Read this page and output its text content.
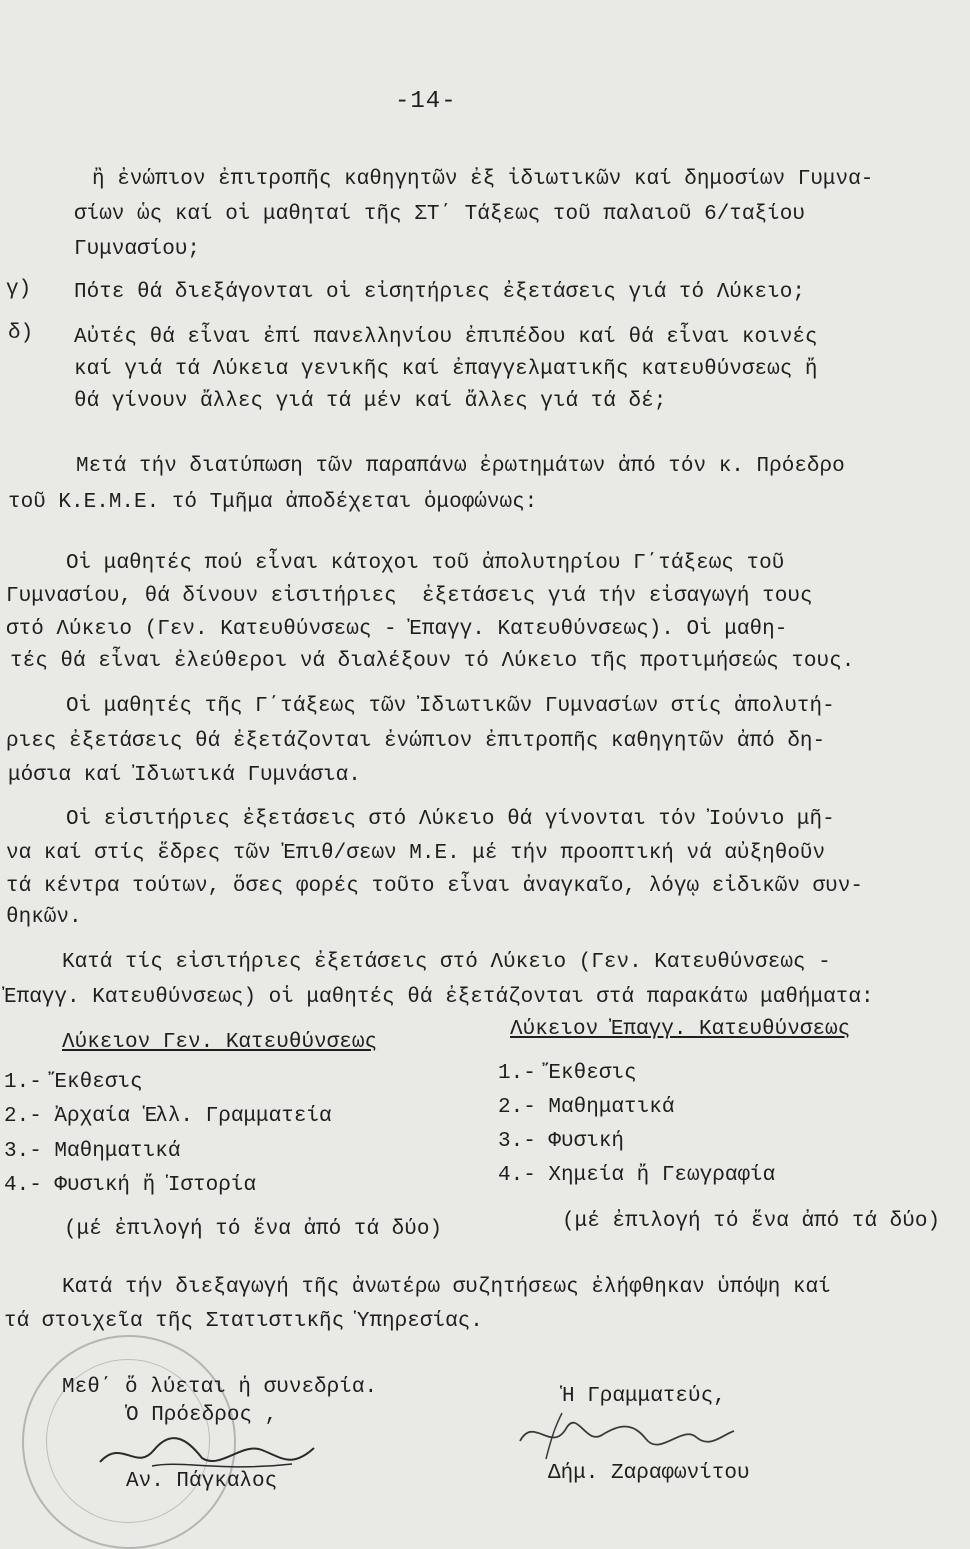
-14-
ἢ ἐνώπιον ἐπιτροπῆς καθηγητῶν ἐξ ἰδιωτικῶν καί δημοσίων Γυμνα-
σίων ὡς καί οἱ μαθηταί τῆς ΣΤ΄ Τάξεως τοῦ παλαιοῦ 6/ταξίου
Γυμνασίου;
γ) Πότε θά διεξάγονται οἱ εἰσητήριες ἐξετάσεις γιά τό Λύκειο;
δ) Αὐτές θά εἶναι ἐπί πανελληνίου ἐπιπέδου καί θά εἶναι κοινές
καί γιά τά Λύκεια γενικῆς καί ἐπαγγελματικῆς κατευθύνσεως ἤ
θά γίνουν ἄλλες γιά τά μέν καί ἄλλες γιά τά δέ;
Μετά τήν διατύπωση τῶν παραπάνω ἐρωτημάτων ἀπό τόν κ. Πρόεδρο
τοῦ Κ.Ε.Μ.Ε. τό Τμῆμα ἀποδέχεται ὁμοφώνως:
Οἱ μαθητές πού εἶναι κάτοχοι τοῦ ἀπολυτηρίου Γ΄τάξεως τοῦ
Γυμνασίου, θά δίνουν εἰσιτήριες  ἐξετάσεις γιά τήν εἰσαγωγή τους
στό Λύκειο (Γεν. Κατευθύνσεως - Ἐπαγγ. Κατευθύνσεως). Οἱ μαθη-
τές θά εἶναι ἐλεύθεροι νά διαλέξουν τό Λύκειο τῆς προτιμήσεώς τους.
Οἱ μαθητές τῆς Γ΄τάξεως τῶν Ἰδιωτικῶν Γυμνασίων στίς ἀπολυτή-
ριες ἐξετάσεις θά ἐξετάζονται ἐνώπιον ἐπιτροπῆς καθηγητῶν ἀπό δη-
μόσια καί Ἰδιωτικά Γυμνάσια.
Οἱ εἰσιτήριες ἐξετάσεις στό Λύκειο θά γίνονται τόν Ἰούνιο μῆ-
να καί στίς ἕδρες τῶν Ἐπιθ/σεων Μ.Ε. μέ τήν προοπτική νά αὐξηθοῦν
τά κέντρα τούτων, ὅσες φορές τοῦτο εἶναι ἀναγκαῖο, λόγῳ εἰδικῶν συν-
θηκῶν.
Κατά τίς εἰσιτήριες ἐξετάσεις στό Λύκειο (Γεν. Κατευθύνσεως -
Ἐπαγγ. Κατευθύνσεως) οἱ μαθητές θά ἐξετάζονται στά παρακάτω μαθήματα:
Λύκειον Γεν. Κατευθύνσεως
1.- Ἔκθεσις
2.- Ἀρχαία Ἑλλ. Γραμματεία
3.- Μαθηματικά
4.- Φυσική ἤ Ἱστορία
(μέ ἐπιλογή τό ἕνα ἀπό τά δύο)
Λύκειον Ἐπαγγ. Κατευθύνσεως
1.- Ἔκθεσις
2.- Μαθηματικά
3.- Φυσική
4.- Χημεία ἤ Γεωγραφία
(μέ ἐπιλογή τό ἕνα ἀπό τά δύο)
Κατά τήν διεξαγωγή τῆς ἀνωτέρω συζητήσεως ἐλήφθηκαν ὑπόψη καί
τά στοιχεῖα τῆς Στατιστικῆς Ὑπηρεσίας.
Μεθ΄ ὅ λύεται ἡ συνεδρία.
Ὁ Πρόεδρος ,
Αν. Πάγκαλος
Ἡ Γραμματεύς,
Δήμ. Ζαραφωνίτου
